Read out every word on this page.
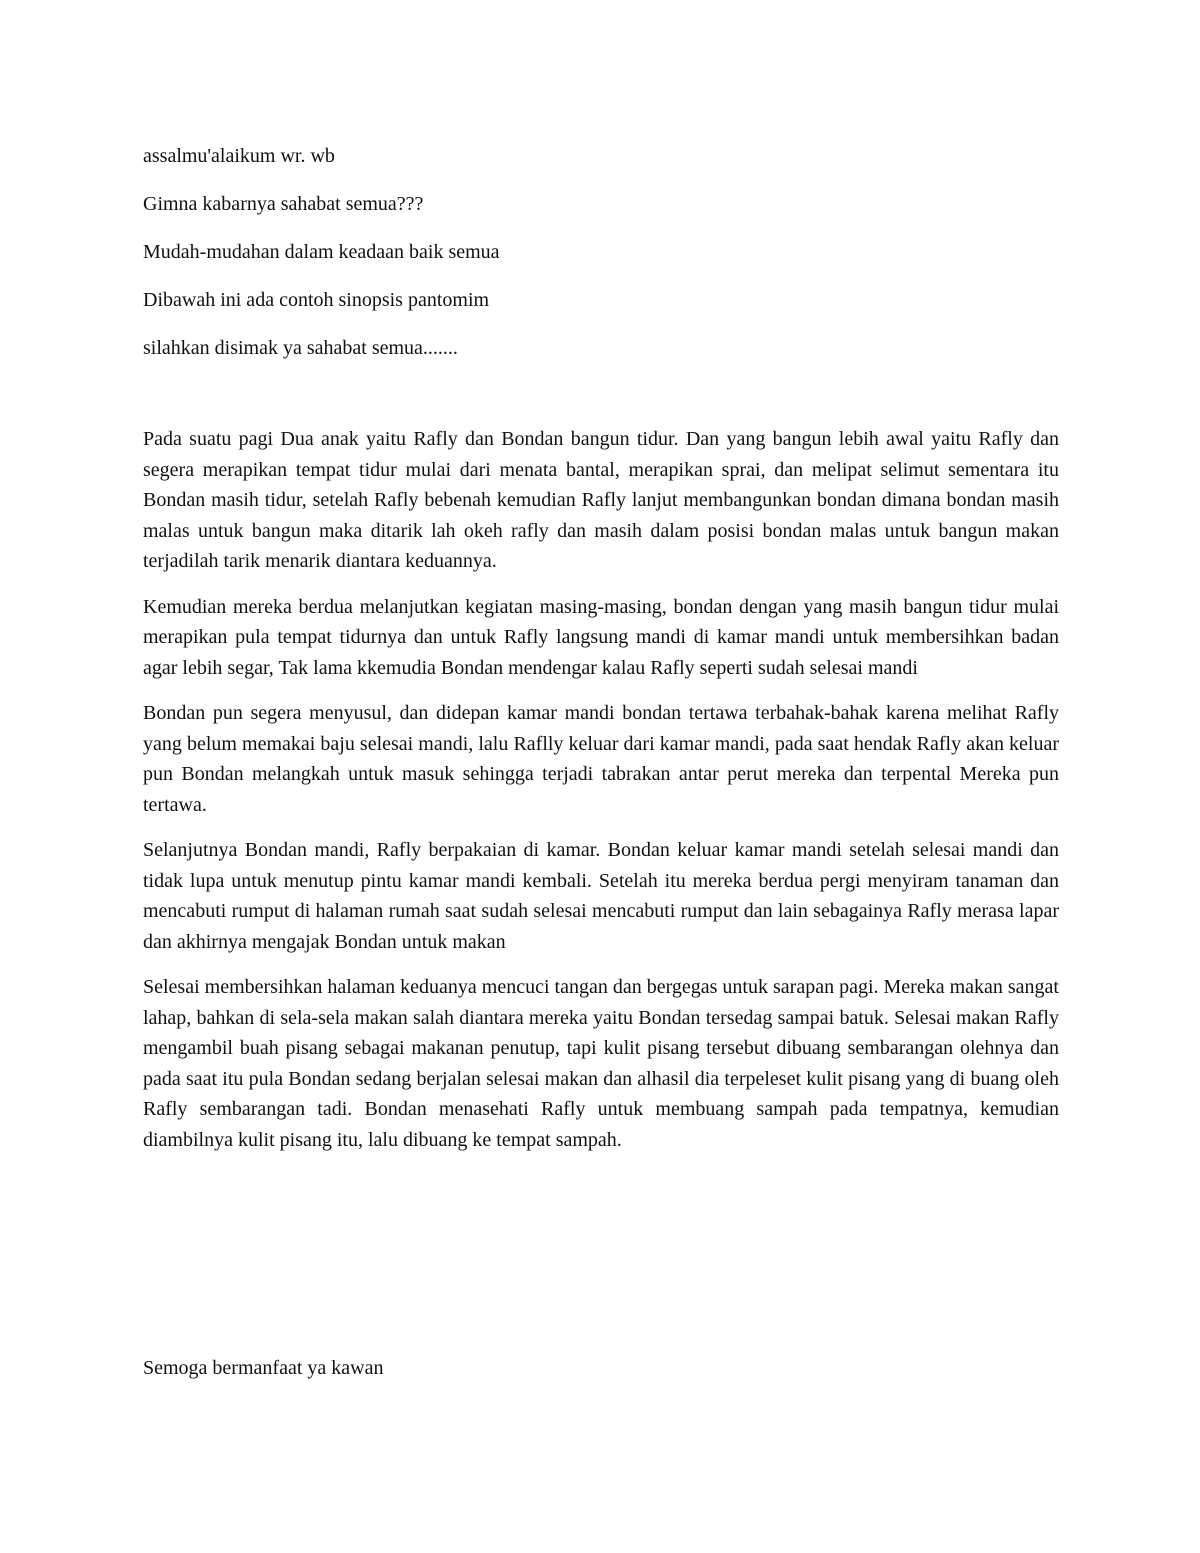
assalmu'alaikum wr. wb

Gimna kabarnya sahabat semua???

Mudah-mudahan dalam keadaan baik semua

Dibawah ini ada contoh sinopsis pantomim

silahkan disimak ya sahabat semua.......

Pada suatu pagi Dua anak yaitu Rafly dan Bondan bangun tidur. Dan yang bangun lebih awal yaitu Rafly dan segera merapikan tempat tidur mulai dari menata bantal, merapikan sprai, dan melipat selimut sementara itu Bondan masih tidur, setelah Rafly bebenah kemudian Rafly lanjut membangunkan bondan dimana bondan masih malas untuk bangun maka ditarik lah okeh rafly dan masih dalam posisi bondan malas untuk bangun makan terjadilah tarik menarik diantara keduannya.

Kemudian mereka berdua melanjutkan kegiatan masing-masing, bondan dengan yang masih bangun tidur mulai merapikan pula tempat tidurnya dan untuk Rafly langsung mandi di kamar mandi untuk membersihkan badan agar lebih segar, Tak lama kkemudia Bondan mendengar kalau Rafly seperti sudah selesai mandi

Bondan pun segera menyusul, dan didepan kamar mandi bondan tertawa terbahak-bahak karena melihat Rafly yang belum memakai baju selesai mandi, lalu Raflly keluar dari kamar mandi, pada saat hendak Rafly akan keluar pun Bondan melangkah untuk masuk sehingga terjadi tabrakan antar perut mereka dan terpental Mereka pun tertawa.

Selanjutnya Bondan mandi, Rafly berpakaian di kamar. Bondan keluar kamar mandi setelah selesai mandi dan tidak lupa untuk menutup pintu kamar mandi kembali. Setelah itu mereka berdua pergi menyiram tanaman dan mencabuti rumput di halaman rumah saat sudah selesai mencabuti rumput dan lain sebagainya Rafly merasa lapar dan akhirnya mengajak Bondan untuk makan

Selesai membersihkan halaman keduanya mencuci tangan dan bergegas untuk sarapan pagi. Mereka makan sangat lahap, bahkan di sela-sela makan salah diantara mereka yaitu Bondan tersedag sampai batuk. Selesai makan Rafly mengambil buah pisang sebagai makanan penutup, tapi kulit pisang tersebut dibuang sembarangan olehnya dan pada saat itu pula Bondan sedang berjalan selesai makan dan alhasil dia terpeleset kulit pisang yang di buang oleh Rafly sembarangan tadi. Bondan menasehati Rafly untuk membuang sampah pada tempatnya, kemudian diambilnya kulit pisang itu, lalu dibuang ke tempat sampah.

Semoga bermanfaat ya kawan
